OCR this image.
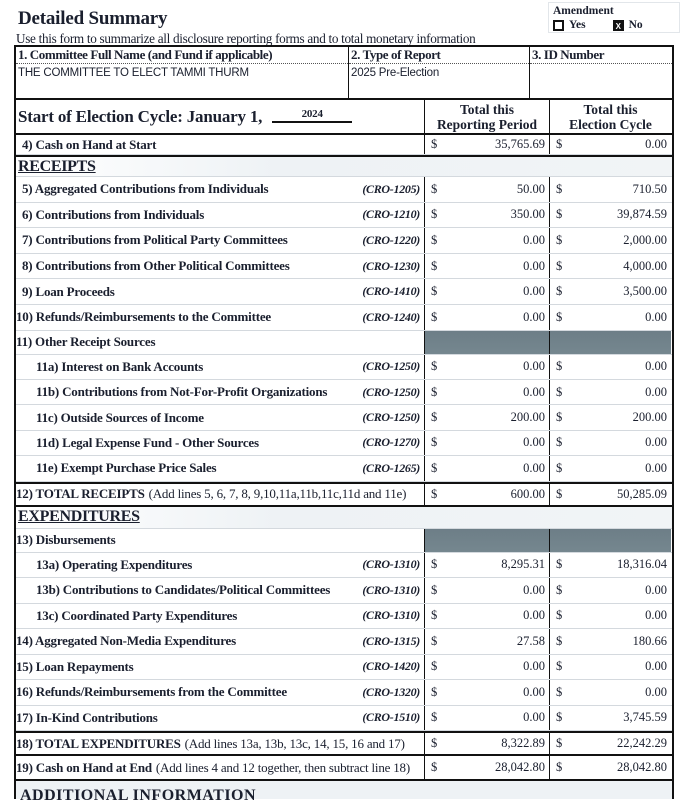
Detailed Summary
Use this form to summarize all disclosure reporting forms and to total monetary information
Amendment
Yes X	No
1. Committee Full Name (and Fund if applicable)
THE COMMITTEE TO ELECT TAMMI THURM
2. Type of Report
2025 Pre-Election
3. ID Number
Start of Election Cycle: January 1,	2024	Total this
Reporting Period
Total this
Election Cycle
4) Cash on Hand at Start	$	35,765.69 $	0.00
RECEIPTS
5) Aggregated Contributions from Individuals	(CRO-1205) $	50.00 $	710.50
6) Contributions from Individuals	(CRO-1210) $	350.00 $	39,874.59
7) Contributions from Political Party Committees	(CRO-1220) $	0.00 $	2,000.00
8) Contributions from Other Political Committees	(CRO-1230) $	0.00 $	4,000.00
9) Loan Proceeds	(CRO-1410) $	0.00 $	3,500.00
10) Refunds/Reimbursements to the Committee	(CRO-1240) $	0.00 $	0.00
11) Other Receipt Sources
11a) Interest on Bank Accounts	(CRO-1250) $	0.00 $	0.00
11b) Contributions from Not-For-Profit Organizations	(CRO-1250) $	0.00 $	0.00
11c) Outside Sources of Income	(CRO-1250) $	200.00 $	200.00
11d) Legal Expense Fund - Other Sources	(CRO-1270) $	0.00 $	0.00
11e) Exempt Purchase Price Sales	(CRO-1265) $	0.00 $	0.00
12) TOTAL RECEIPTS (Add lines 5, 6, 7, 8, 9,10,11a,11b,11c,11d and 11e) $	600.00 $	50,285.09
EXPENDITURES
13) Disbursements
13a) Operating Expenditures	(CRO-1310) $	8,295.31 $	18,316.04
13b) Contributions to Candidates/Political Committees	(CRO-1310) $	0.00 $	0.00
13c) Coordinated Party Expenditures	(CRO-1310) $	0.00 $	0.00
14) Aggregated Non-Media Expenditures	(CRO-1315) $	27.58 $	180.66
15) Loan Repayments	(CRO-1420) $	0.00 $	0.00
16) Refunds/Reimbursements from the Committee	(CRO-1320) $	0.00 $	0.00
17) In-Kind Contributions	(CRO-1510) $	0.00 $	3,745.59
18) TOTAL EXPENDITURES (Add lines 13a, 13b, 13c, 14, 15, 16 and 17) $	8,322.89 $	22,242.29
19) Cash on Hand at End (Add lines 4 and 12 together, then subtract line 18) $	28,042.80 $	28,042.80
ADDITIONAL INFORMATION
